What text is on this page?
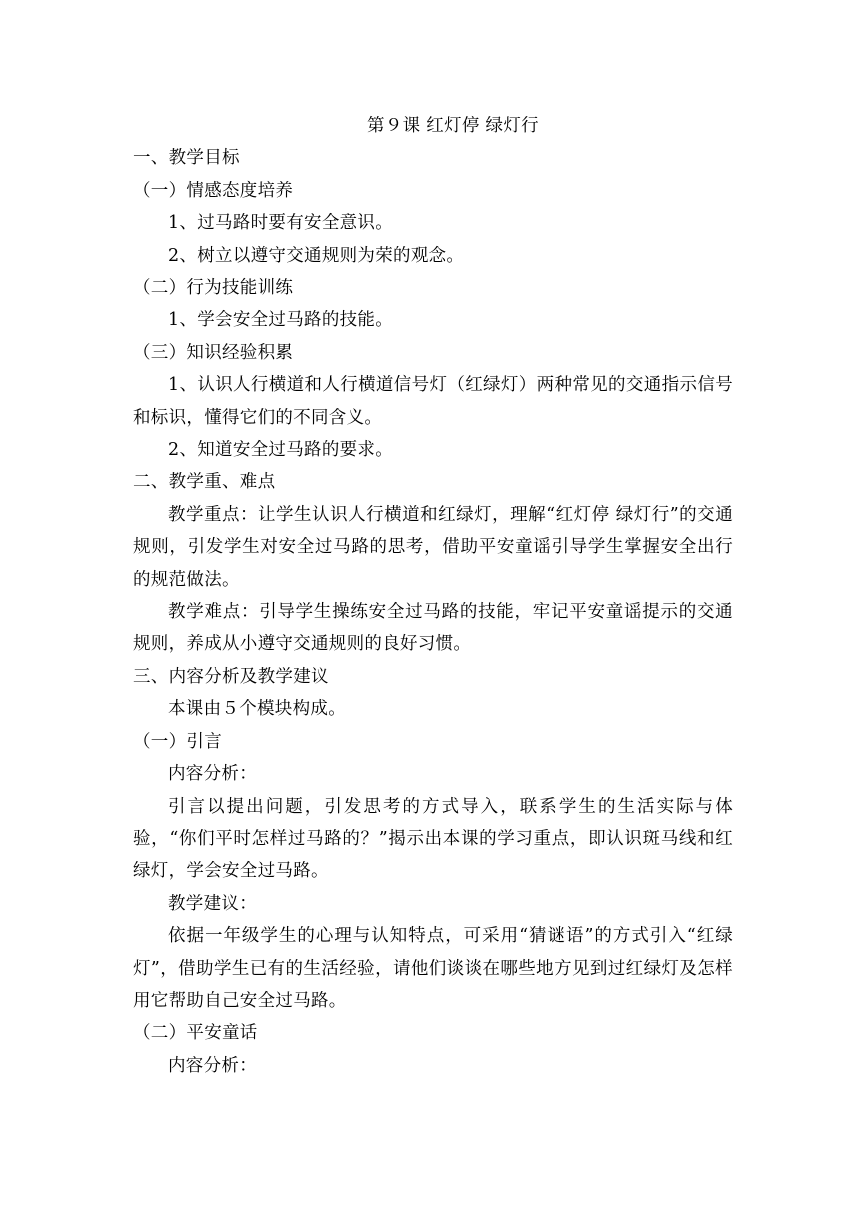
第９课 红灯停 绿灯行

一、教学目标

（一）情感态度培养

1、过马路时要有安全意识。

2、树立以遵守交通规则为荣的观念。

（二）行为技能训练

1、学会安全过马路的技能。

（三）知识经验积累

1、认识人行横道和人行横道信号灯（红绿灯）两种常见的交通指示信号和标识，懂得它们的不同含义。

2、知道安全过马路的要求。

二、教学重、难点

教学重点：让学生认识人行横道和红绿灯，理解“红灯停 绿灯行”的交通规则，引发学生对安全过马路的思考，借助平安童谣引导学生掌握安全出行的规范做法。

教学难点：引导学生操练安全过马路的技能，牢记平安童谣提示的交通规则，养成从小遵守交通规则的良好习惯。

三、内容分析及教学建议

本课由５个模块构成。

（一）引言

内容分析：

引言以提出问题，引发思考的方式导入，联系学生的生活实际与体验，“你们平时怎样过马路的？”揭示出本课的学习重点，即认识斑马线和红绿灯，学会安全过马路。

教学建议：

依据一年级学生的心理与认知特点，可采用“猜谜语”的方式引入“红绿灯”，借助学生已有的生活经验，请他们谈谈在哪些地方见到过红绿灯及怎样用它帮助自己安全过马路。

（二）平安童话

内容分析：
